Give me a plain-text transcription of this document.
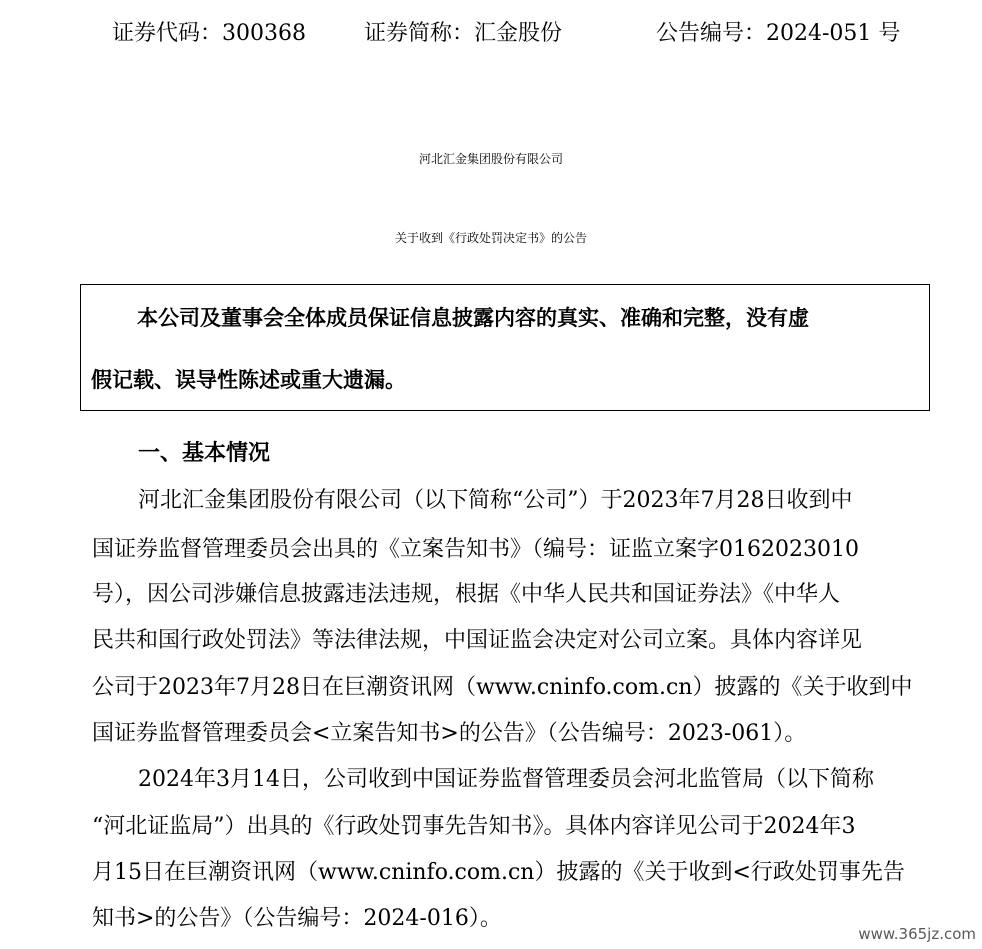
证券代码：300368	证券简称：汇金股份	公告编号：2024-051 号
河北汇金集团股份有限公司
关于收到《行政处罚决定书》的公告
本公司及董事会全体成员保证信息披露内容的真实、准确和完整，没有虚
假记载、误导性陈述或重大遗漏。
一、基本情况
河北汇金集团股份有限公司（以下简称“公司”）于2023年7月28日收到中
国证券监督管理委员会出具的《立案告知书》（编号：证监立案字0162023010
号），因公司涉嫌信息披露违法违规，根据《中华人民共和国证券法》《中华人
民共和国行政处罚法》等法律法规，中国证监会决定对公司立案。具体内容详见
公司于2023年7月28日在巨潮资讯网（www.cninfo.com.cn）披露的《关于收到中
国证券监督管理委员会<立案告知书>的公告》（公告编号：2023-061）。
2024年3月14日，公司收到中国证券监督管理委员会河北监管局（以下简称
“河北证监局”）出具的《行政处罚事先告知书》。具体内容详见公司于2024年3
月15日在巨潮资讯网（www.cninfo.com.cn）披露的《关于收到<行政处罚事先告
知书>的公告》（公告编号：2024-016）。
www.365jz.com
